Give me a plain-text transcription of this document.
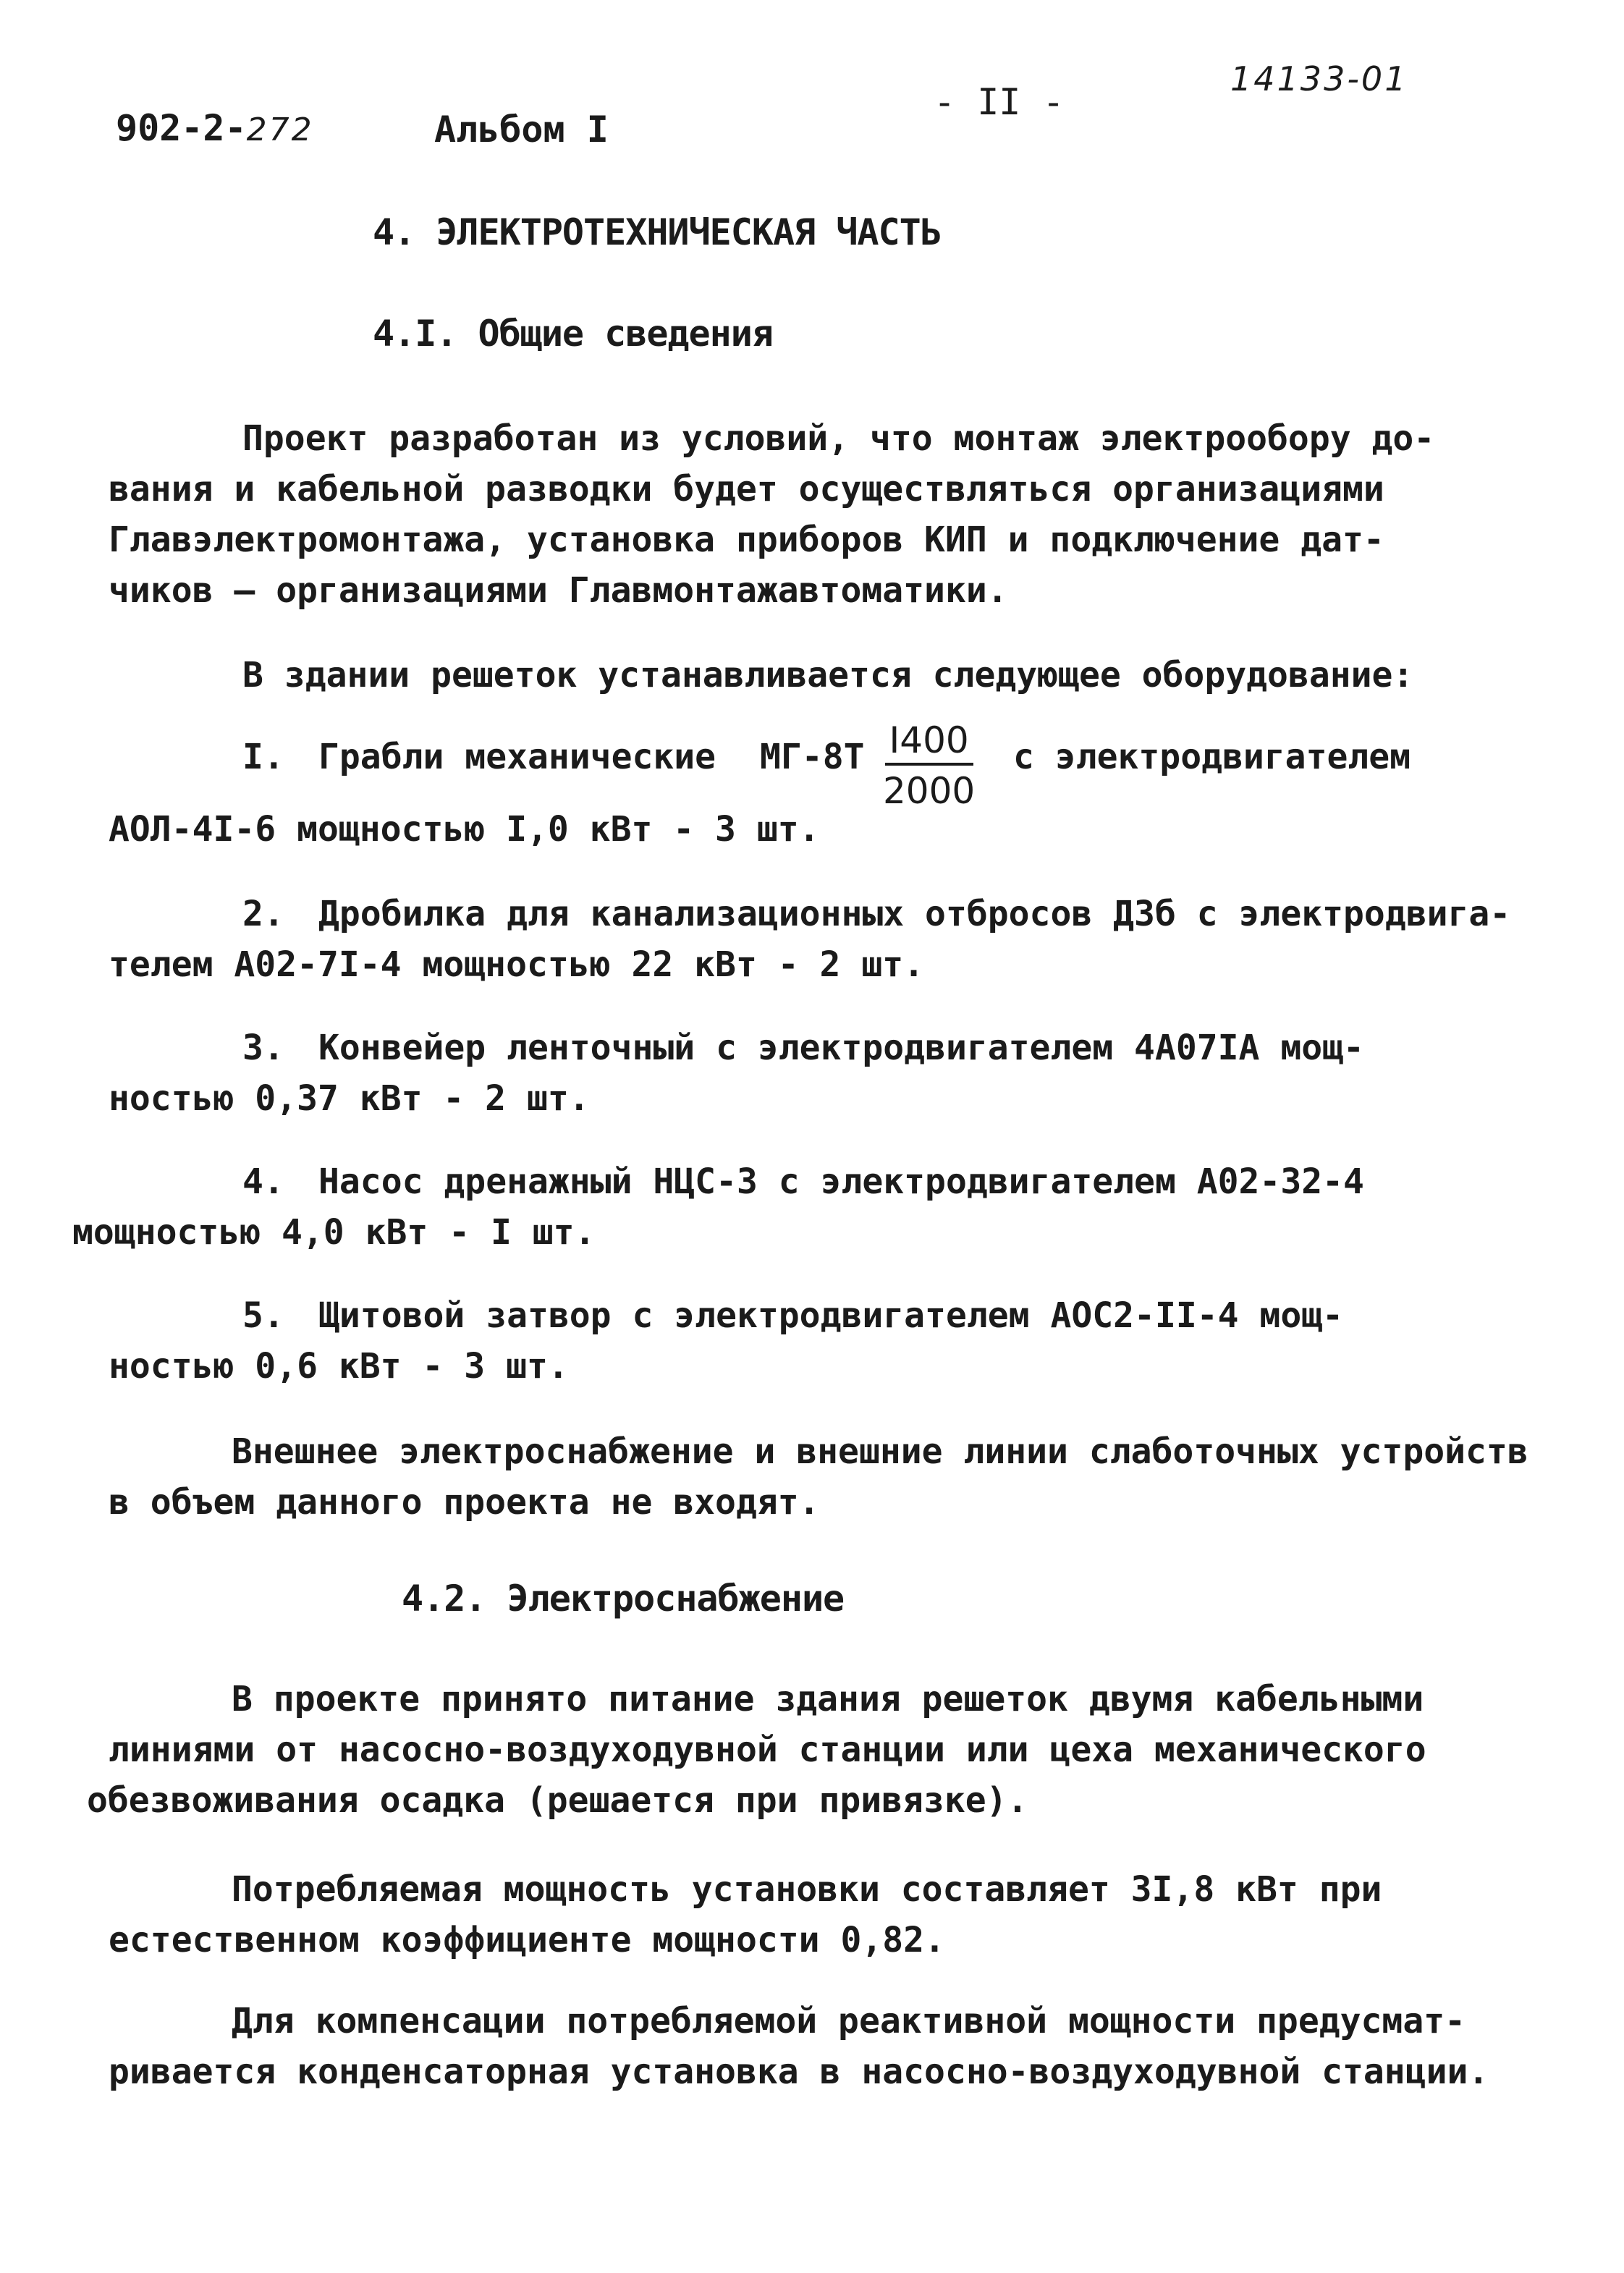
902-2-272	Альбом I
- II -
14133-01
4. ЭЛЕКТРОТЕХНИЧЕСКАЯ ЧАСТЬ
4.I. Общие сведения
Проект разработан из условий, что монтаж электрообору до-
вания и кабельной разводки будет осуществляться организациями
Главэлектромонтажа, установка приборов КИП и подключение дат-
чиков — организациями Главмонтажавтоматики.
В здании решеток устанавливается следующее оборудование:
I. Грабли механические $МГ-8Т \frac{I400}{2000}$ с электродвигателем
АОЛ-4I-6 мощностью I,0 кВт - 3 шт.
2. Дробилка для канализационных отбросов Д3б с электродвига-
телем А02-7I-4 мощностью 22 кВт - 2 шт.
3. Конвейер ленточный с электродвигателем 4А07IА мощ-
ностью 0,37 кВт - 2 шт.
4. Насос дренажный НЦС-3 с электродвигателем А02-32-4
мощностью 4,0 кВт - I шт.
5. Щитовой затвор с электродвигателем АОС2-II-4 мощ-
ностью 0,6 кВт - 3 шт.
Внешнее электроснабжение и внешние линии слаботочных устройств
в объем данного проекта не входят.
4.2. Электроснабжение
В проекте принято питание здания решеток двумя кабельными
линиями от насосно-воздуходувной станции или цеха механического
обезвоживания осадка (решается при привязке).
Потребляемая мощность установки составляет 3I,8 кВт при
естественном коэффициенте мощности 0,82.
Для компенсации потребляемой реактивной мощности предусмат-
ривается конденсаторная установка в насосно-воздуходувной станции.
